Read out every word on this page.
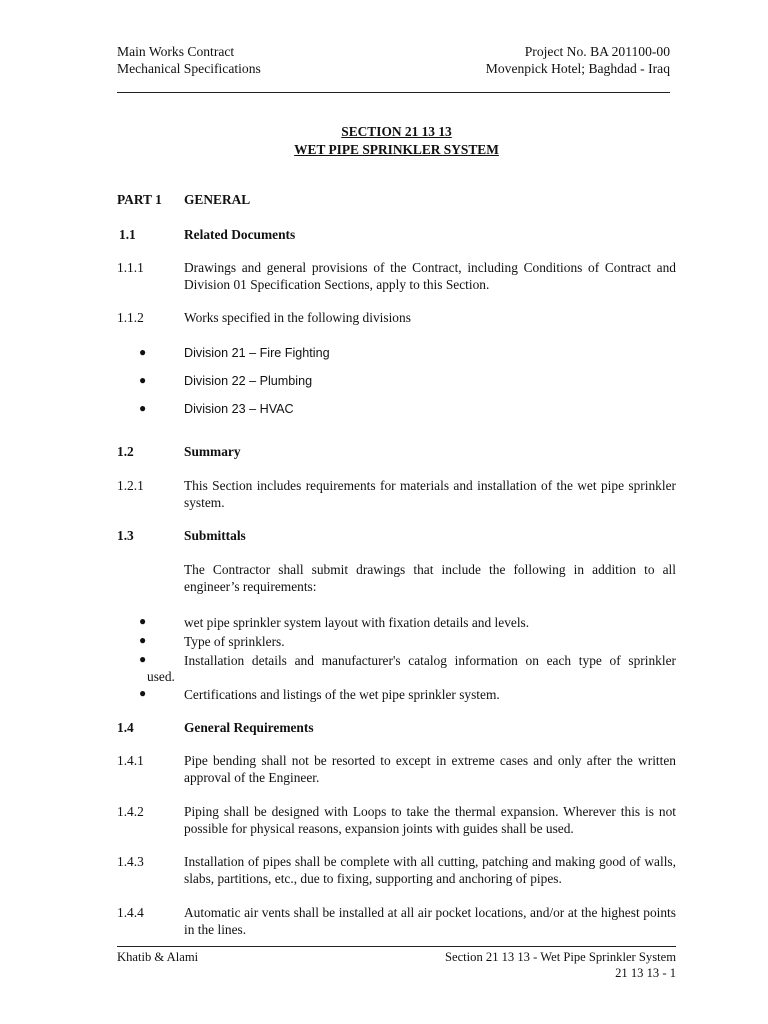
Main Works Contract
Mechanical Specifications
Project No. BA 201100-00
Movenpick Hotel; Baghdad - Iraq
SECTION 21 13 13
WET PIPE SPRINKLER SYSTEM
PART 1 GENERAL
1.1	Related Documents
1.1.1	Drawings and general provisions of the Contract, including Conditions of Contract and Division 01 Specification Sections, apply to this Section.
1.1.2	Works specified in the following divisions
●	Division 21 – Fire Fighting
●	Division 22 – Plumbing
●	Division 23 – HVAC
1.2	Summary
1.2.1	This Section includes requirements for materials and installation of the wet pipe sprinkler system.
1.3	Submittals
The Contractor shall submit drawings that include the following in addition to all engineer’s requirements:
●	wet pipe sprinkler system layout with fixation details and levels.
●	Type of sprinklers.
●	Installation details and manufacturer's catalog information on each type of sprinkler
used.
●	Certifications and listings of the wet pipe sprinkler system.
1.4	General Requirements
1.4.1	Pipe bending shall not be resorted to except in extreme cases and only after the written approval of the Engineer.
1.4.2	Piping shall be designed with Loops to take the thermal expansion. Wherever this is not possible for physical reasons, expansion joints with guides shall be used.
1.4.3	Installation of pipes shall be complete with all cutting, patching and making good of walls, slabs, partitions, etc., due to fixing, supporting and anchoring of pipes.
1.4.4	Automatic air vents shall be installed at all air pocket locations, and/or at the highest points in the lines.
Khatib & Alami	Section 21 13 13 - Wet Pipe Sprinkler System
21 13 13 - 1
